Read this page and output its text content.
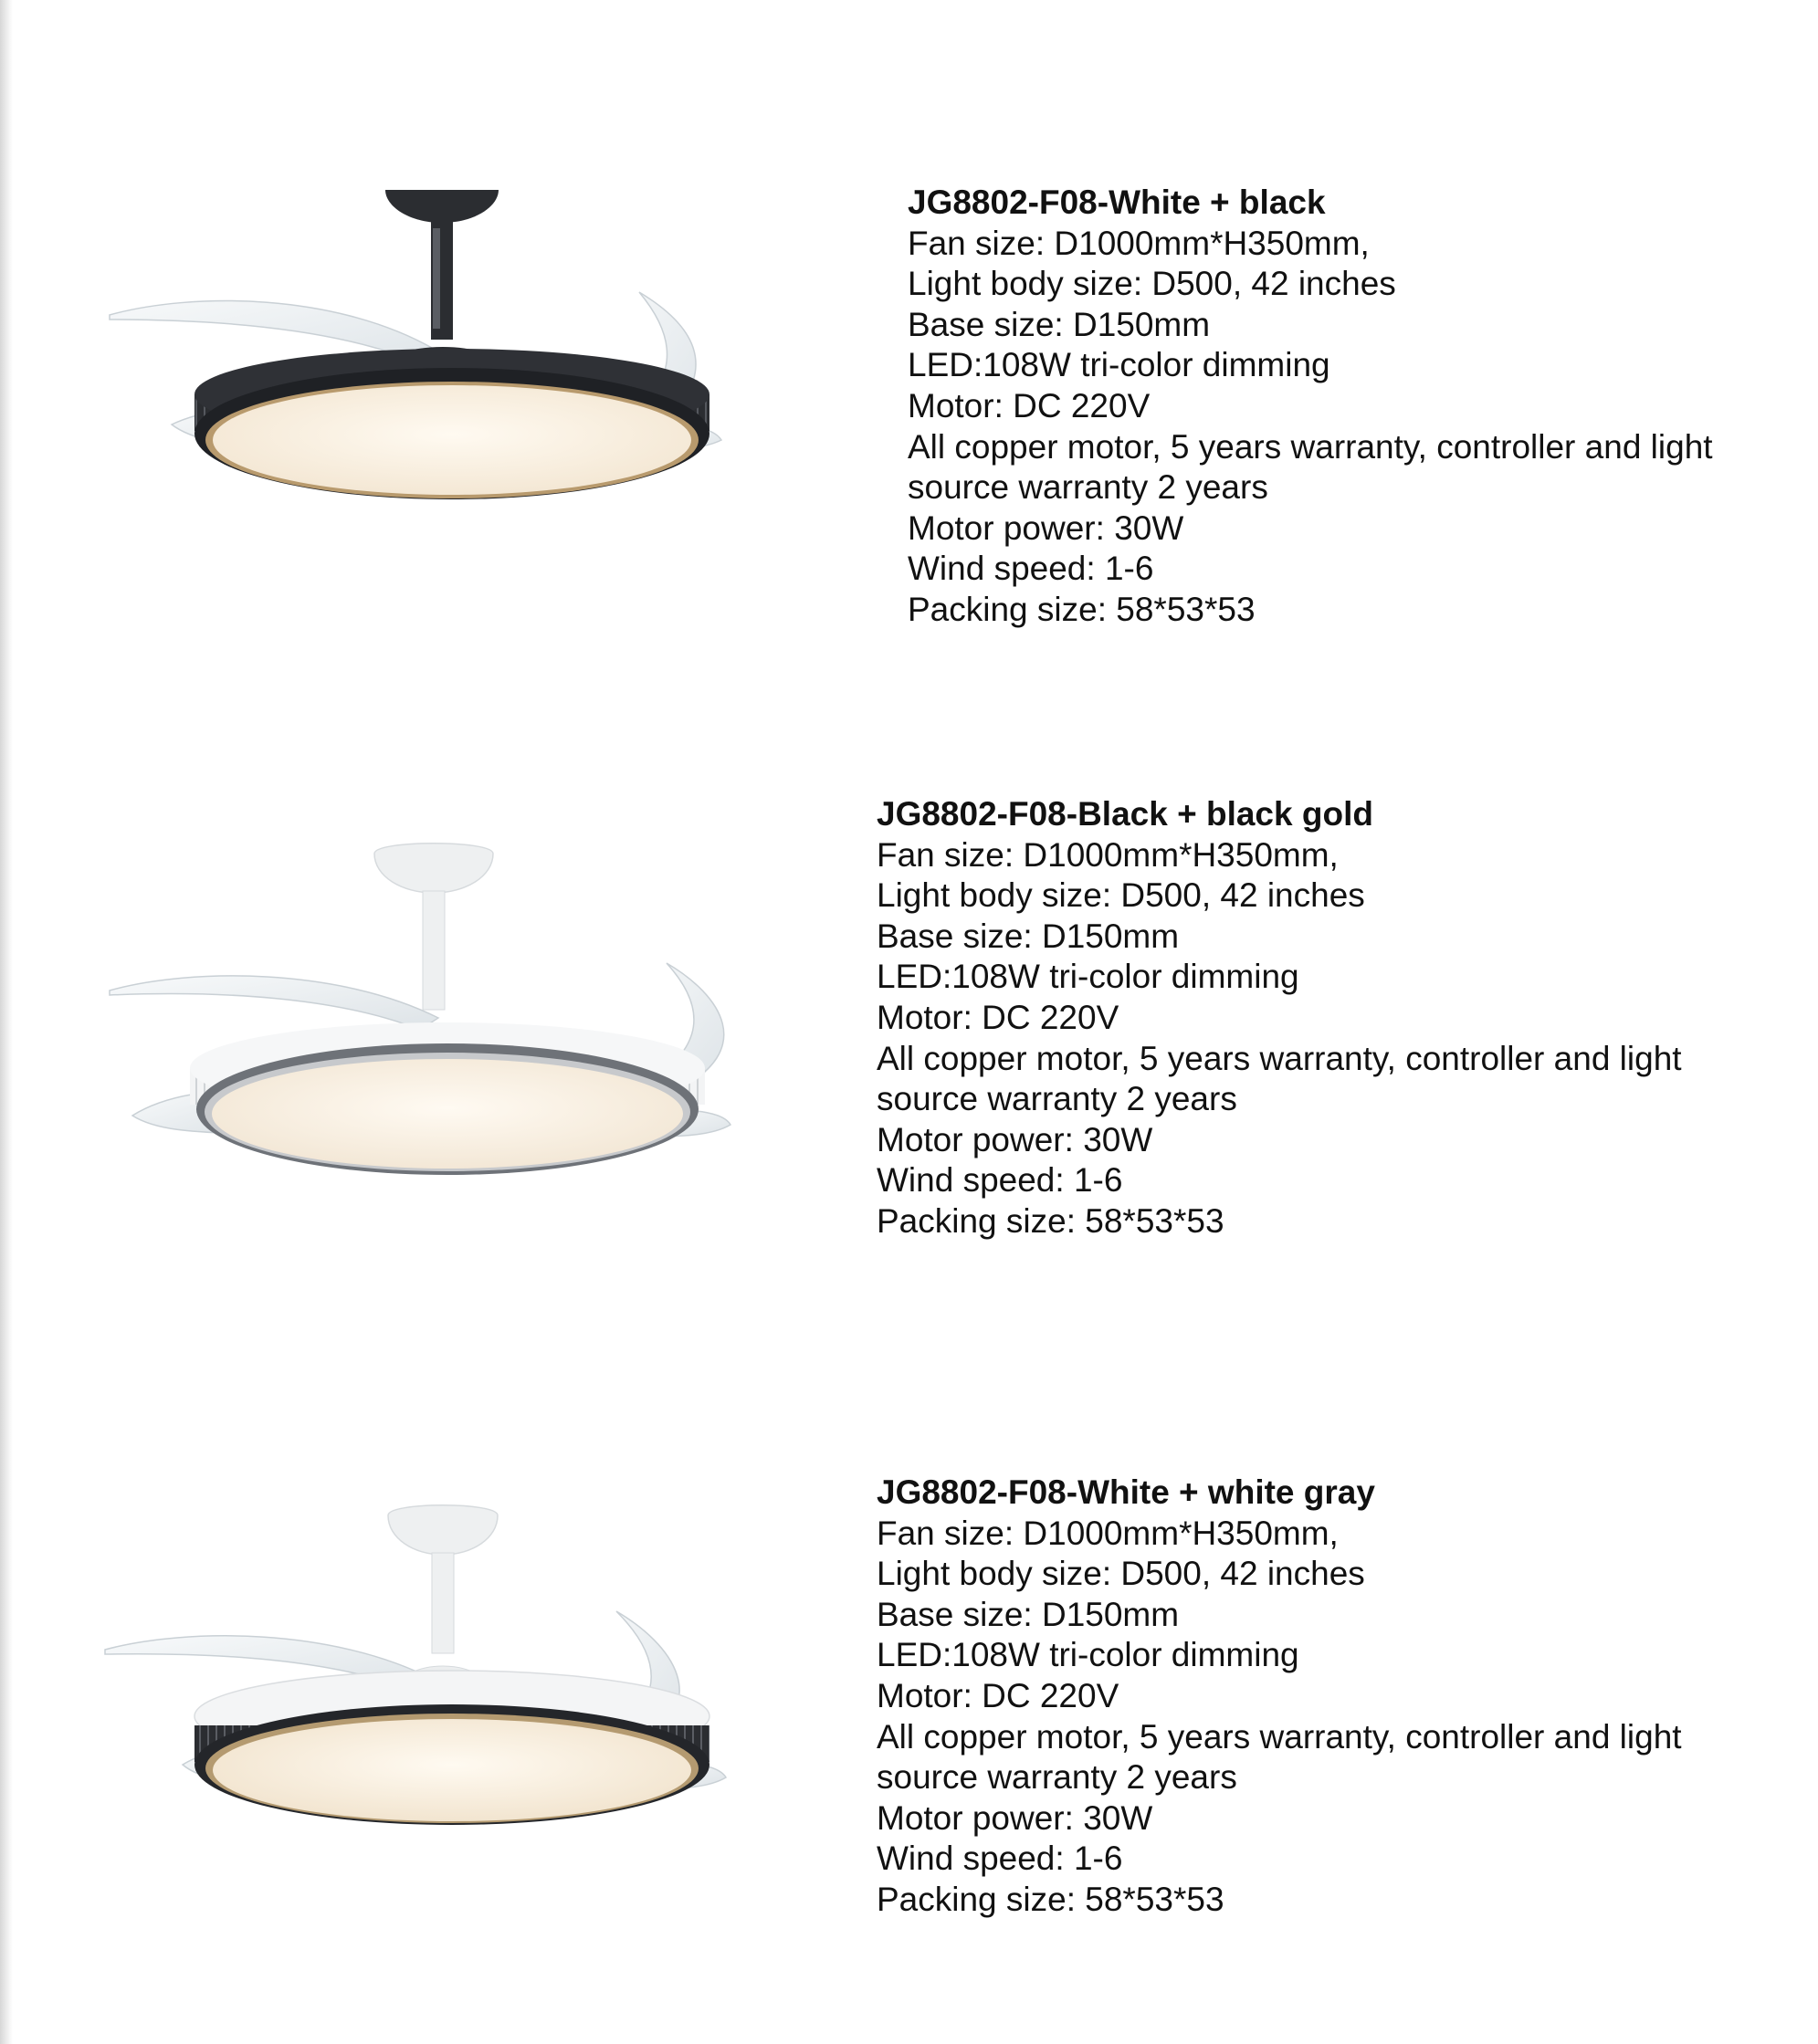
JG8802-F08-White + black
Fan size: D1000mm*H350mm,
Light body size: D500, 42 inches
Base size: D150mm
LED:108W tri-color dimming
Motor: DC 220V
All copper motor, 5 years warranty, controller and light
source warranty 2 years
Motor power: 30W
Wind speed: 1-6
Packing size: 58*53*53
JG8802-F08-Black + black gold
Fan size: D1000mm*H350mm,
Light body size: D500, 42 inches
Base size: D150mm
LED:108W tri-color dimming
Motor: DC 220V
All copper motor, 5 years warranty, controller and light
source warranty 2 years
Motor power: 30W
Wind speed: 1-6
Packing size: 58*53*53
JG8802-F08-White + white gray
Fan size: D1000mm*H350mm,
Light body size: D500, 42 inches
Base size: D150mm
LED:108W tri-color dimming
Motor: DC 220V
All copper motor, 5 years warranty, controller and light
source warranty 2 years
Motor power: 30W
Wind speed: 1-6
Packing size: 58*53*53
